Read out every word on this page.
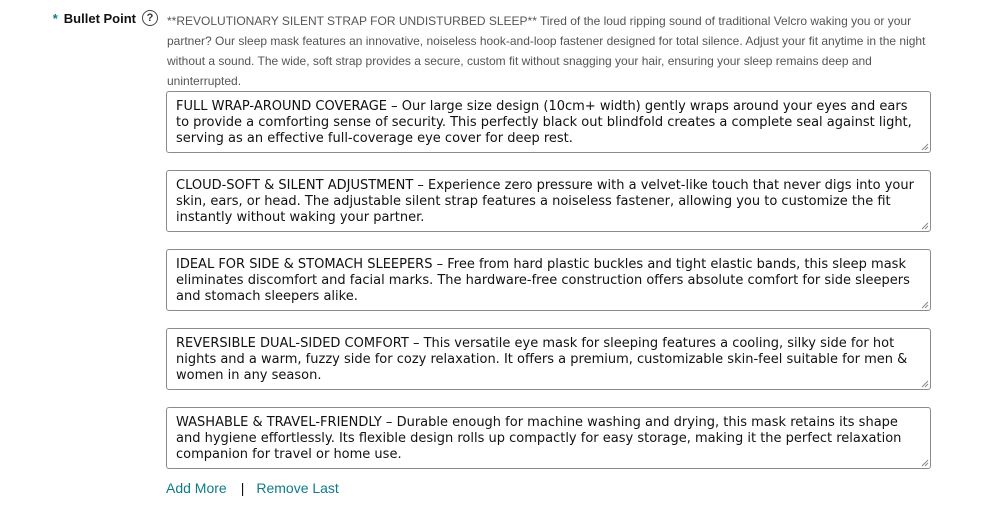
* Bullet Point ?	**REVOLUTIONARY SILENT STRAP FOR UNDISTURBED SLEEP** Tired of the loud ripping sound of traditional Velcro waking you or your partner? Our sleep mask features an innovative, noiseless hook-and-loop fastener designed for total silence. Adjust your fit anytime in the night without a sound. The wide, soft strap provides a secure, custom fit without snagging your hair, ensuring your sleep remains deep and uninterrupted.

FULL WRAP-AROUND COVERAGE – Our large size design (10cm+ width) gently wraps around your eyes and ears to provide a comforting sense of security. This perfectly black out blindfold creates a complete seal against light, serving as an effective full-coverage eye cover for deep rest.
CLOUD-SOFT & SILENT ADJUSTMENT – Experience zero pressure with a velvet-like touch that never digs into your skin, ears, or head. The adjustable silent strap features a noiseless fastener, allowing you to customize the fit instantly without waking your partner.
IDEAL FOR SIDE & STOMACH SLEEPERS – Free from hard plastic buckles and tight elastic bands, this sleep mask eliminates discomfort and facial marks. The hardware-free construction offers absolute comfort for side sleepers and stomach sleepers alike.
REVERSIBLE DUAL-SIDED COMFORT – This versatile eye mask for sleeping features a cooling, silky side for hot nights and a warm, fuzzy side for cozy relaxation. It offers a premium, customizable skin-feel suitable for men & women in any season.
WASHABLE & TRAVEL-FRIENDLY – Durable enough for machine washing and drying, this mask retains its shape and hygiene effortlessly. Its flexible design rolls up compactly for easy storage, making it the perfect relaxation companion for travel or home use.
Add More | Remove Last
